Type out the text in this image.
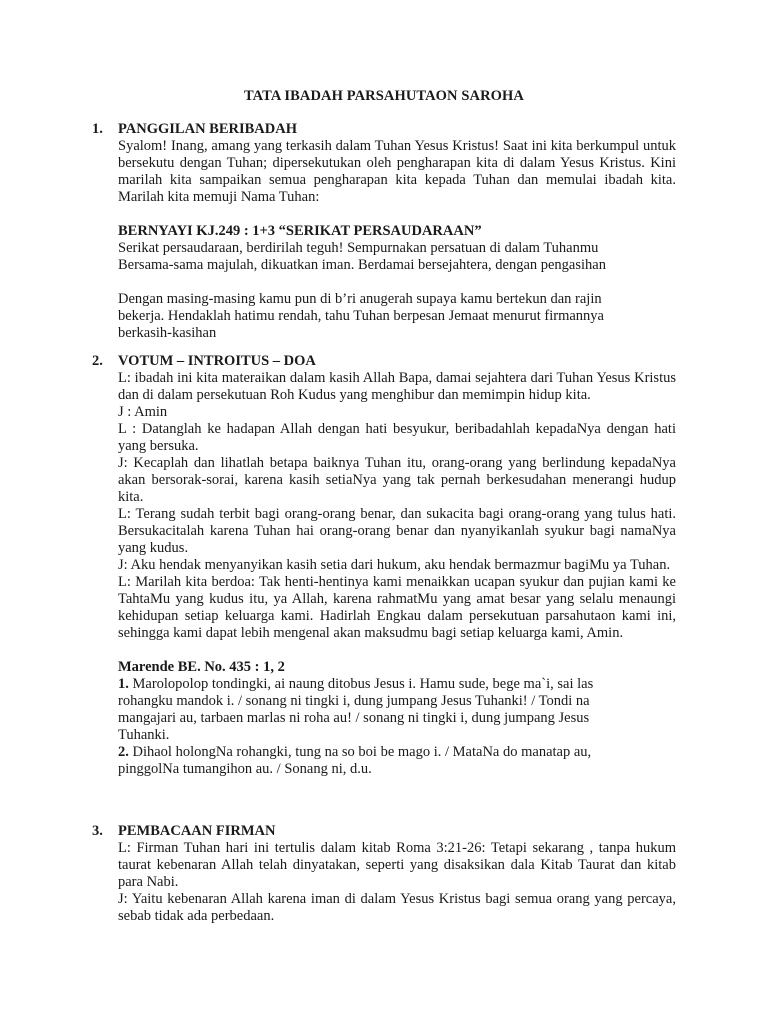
TATA IBADAH PARSAHUTAON SAROHA
1. PANGGILAN BERIBADAH

Syalom! Inang, amang yang terkasih dalam Tuhan Yesus Kristus! Saat ini kita berkumpul untuk bersekutu dengan Tuhan; dipersekutukan oleh pengharapan kita di dalam Yesus Kristus. Kini marilah kita sampaikan semua pengharapan kita kepada Tuhan dan memulai ibadah kita. Marilah kita memuji Nama Tuhan:

BERNYAYI KJ.249 : 1+3 “SERIKAT PERSAUDARAAN”

Serikat persaudaraan, berdirilah teguh! Sempurnakan persatuan di dalam Tuhanmu

Bersama-sama majulah, dikuatkan iman. Berdamai bersejahtera, dengan pengasihan

Dengan masing-masing kamu pun di b’ri anugerah supaya kamu bertekun dan rajin

bekerja. Hendaklah hatimu rendah, tahu Tuhan berpesan Jemaat menurut firmannya

berkasih-kasihan

2. VOTUM – INTROITUS – DOA

L: ibadah ini kita materaikan dalam kasih Allah Bapa, damai sejahtera dari Tuhan Yesus Kristus dan di dalam persekutuan Roh Kudus yang menghibur dan memimpin hidup kita.

J : Amin

L : Datanglah ke hadapan Allah dengan hati besyukur, beribadahlah kepadaNya dengan hati yang bersuka.

J: Kecaplah dan lihatlah betapa baiknya Tuhan itu, orang-orang yang berlindung kepadaNya akan bersorak-sorai, karena kasih setiaNya yang tak pernah berkesudahan menerangi hudup kita.

L: Terang sudah terbit bagi orang-orang benar, dan sukacita bagi orang-orang yang tulus hati. Bersukacitalah karena Tuhan hai orang-orang benar dan nyanyikanlah syukur bagi namaNya yang kudus.

J: Aku hendak menyanyikan kasih setia dari hukum, aku hendak bermazmur bagiMu ya Tuhan.

L: Marilah kita berdoa: Tak henti-hentinya kami menaikkan ucapan syukur dan pujian kami ke TahtaMu yang kudus itu, ya Allah, karena rahmatMu yang amat besar yang selalu menaungi kehidupan setiap keluarga kami. Hadirlah Engkau dalam persekutuan parsahutaon kami ini, sehingga kami dapat lebih mengenal akan maksudmu bagi setiap keluarga kami, Amin.

Marende BE. No. 435 : 1, 2

1. Marolopolop tondingki, ai naung ditobus Jesus i. Hamu sude, bege ma`i, sai las

rohangku mandok i. / sonang ni tingki i, dung jumpang Jesus Tuhanki! / Tondi na

mangajari au, tarbaen marlas ni roha au! / sonang ni tingki i, dung jumpang Jesus

Tuhanki.

2. Dihaol holongNa rohangki, tung na so boi be mago i. / MataNa do manatap au,

pinggolNa tumangihon au. / Sonang ni, d.u.

3. PEMBACAAN FIRMAN

L: Firman Tuhan hari ini tertulis dalam kitab Roma 3:21-26: Tetapi sekarang , tanpa hukum taurat kebenaran Allah telah dinyatakan, seperti yang disaksikan dala Kitab Taurat dan kitab para Nabi.

J: Yaitu kebenaran Allah karena iman di dalam Yesus Kristus bagi semua orang yang percaya, sebab tidak ada perbedaan.
